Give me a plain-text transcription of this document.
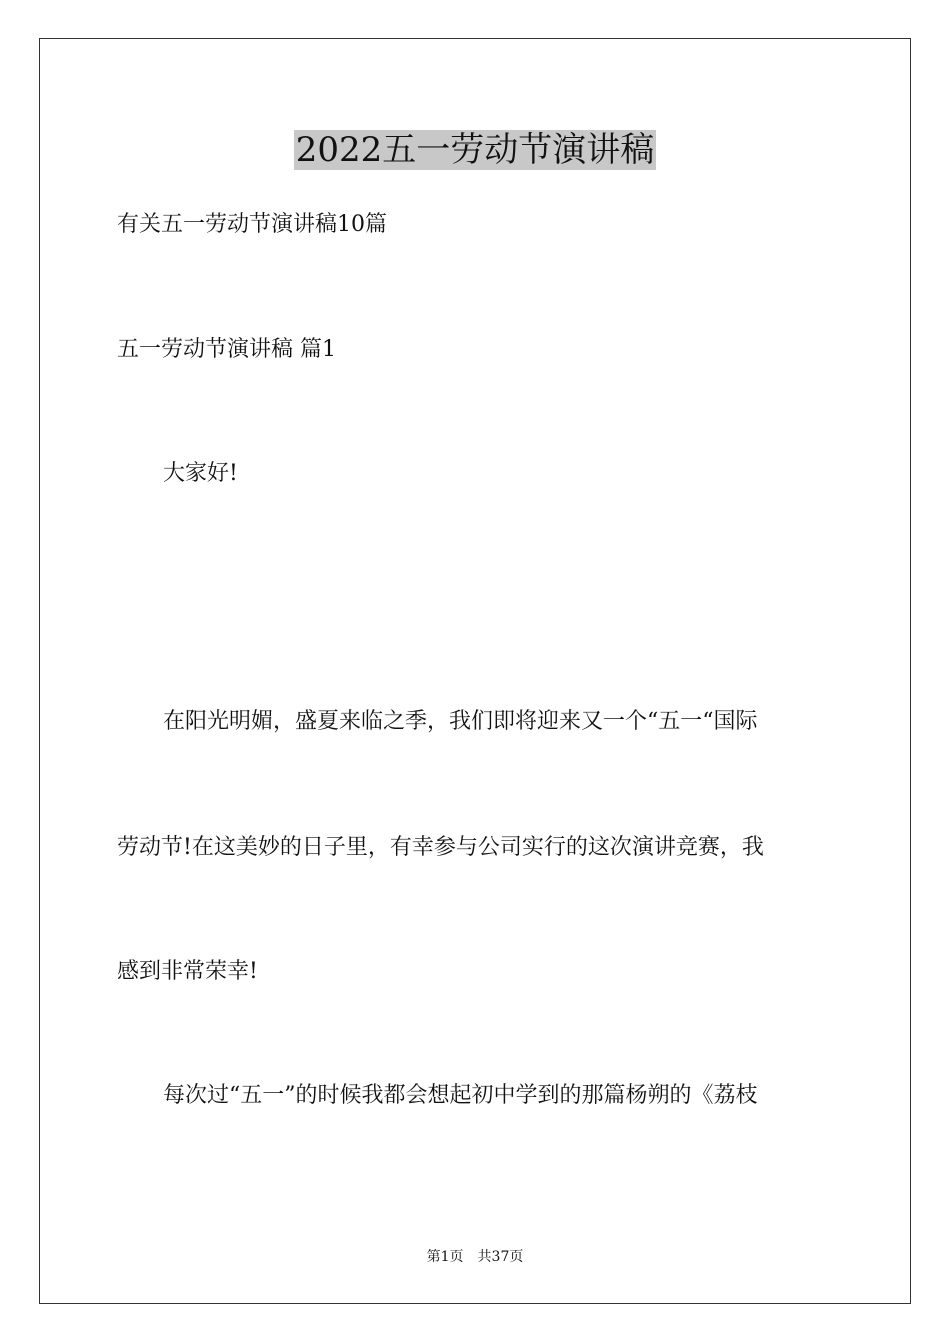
2022五一劳动节演讲稿
有关五一劳动节演讲稿10篇
五一劳动节演讲稿 篇1
大家好!
在阳光明媚，盛夏来临之季，我们即将迎来又一个“五一“国际
劳动节!在这美妙的日子里，有幸参与公司实行的这次演讲竞赛，我
感到非常荣幸!
每次过“五一”的时候我都会想起初中学到的那篇杨朔的《荔枝
第1页　共37页
